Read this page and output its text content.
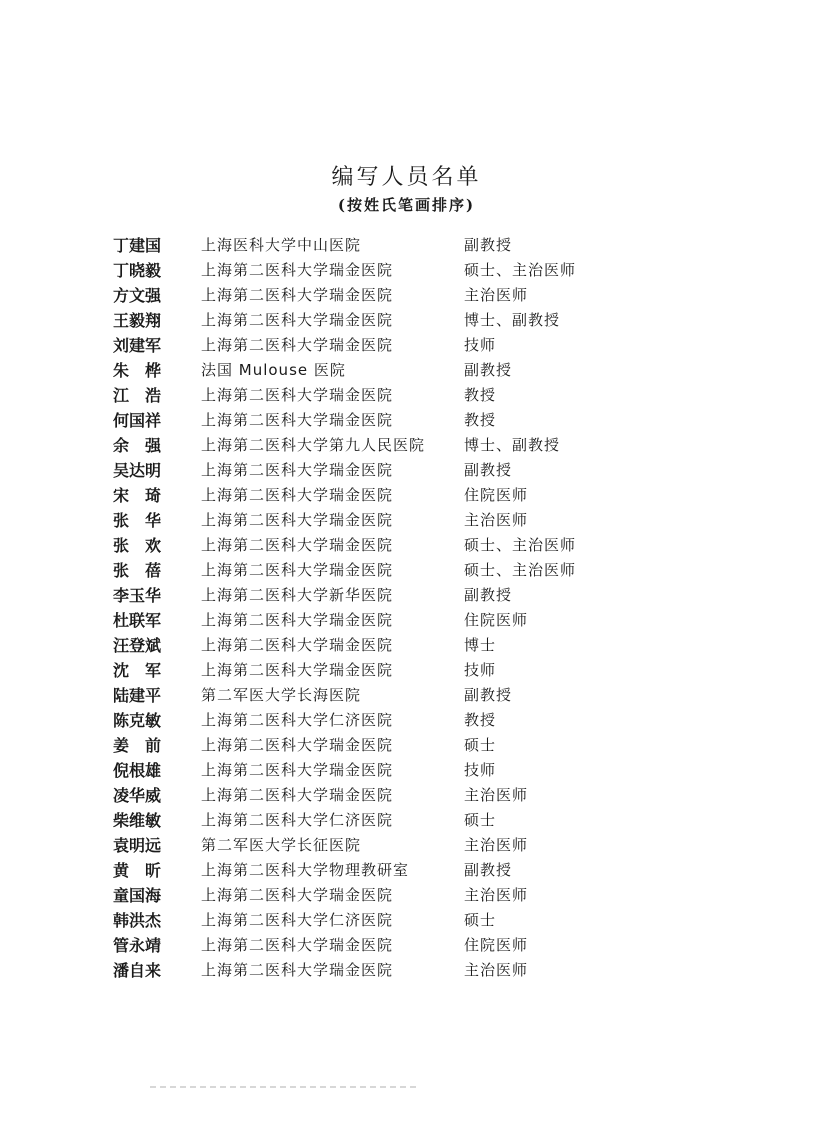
编写人员名单
(按姓氏笔画排序)
丁建国	上海医科大学中山医院	副教授
丁晓毅	上海第二医科大学瑞金医院	硕士、主治医师
方文强	上海第二医科大学瑞金医院	主治医师
王毅翔	上海第二医科大学瑞金医院	博士、副教授
刘建军	上海第二医科大学瑞金医院	技师
朱　桦	法国 Mulouse 医院	副教授
江　浩	上海第二医科大学瑞金医院	教授
何国祥	上海第二医科大学瑞金医院	教授
余　强	上海第二医科大学第九人民医院	博士、副教授
吴达明	上海第二医科大学瑞金医院	副教授
宋　琦	上海第二医科大学瑞金医院	住院医师
张　华	上海第二医科大学瑞金医院	主治医师
张　欢	上海第二医科大学瑞金医院	硕士、主治医师
张　蓓	上海第二医科大学瑞金医院	硕士、主治医师
李玉华	上海第二医科大学新华医院	副教授
杜联军	上海第二医科大学瑞金医院	住院医师
汪登斌	上海第二医科大学瑞金医院	博士
沈　军	上海第二医科大学瑞金医院	技师
陆建平	第二军医大学长海医院	副教授
陈克敏	上海第二医科大学仁济医院	教授
姜　前	上海第二医科大学瑞金医院	硕士
倪根雄	上海第二医科大学瑞金医院	技师
凌华威	上海第二医科大学瑞金医院	主治医师
柴维敏	上海第二医科大学仁济医院	硕士
袁明远	第二军医大学长征医院	主治医师
黄　昕	上海第二医科大学物理教研室	副教授
童国海	上海第二医科大学瑞金医院	主治医师
韩洪杰	上海第二医科大学仁济医院	硕士
管永靖	上海第二医科大学瑞金医院	住院医师
潘自来	上海第二医科大学瑞金医院	主治医师
